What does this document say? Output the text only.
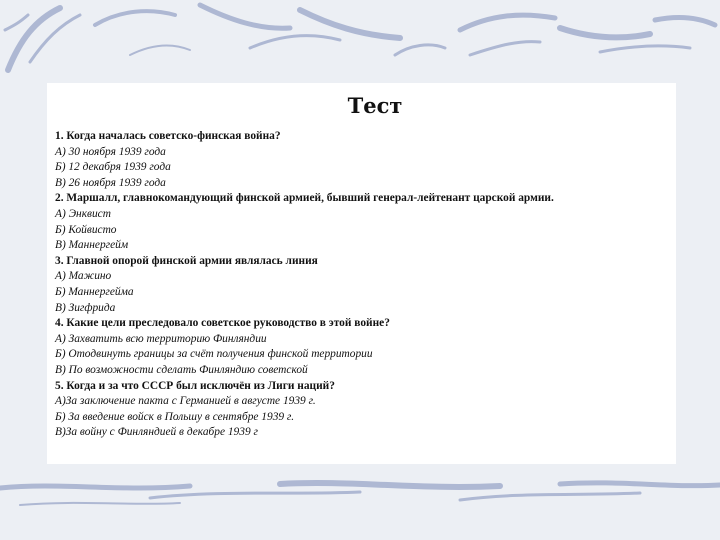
Тест
1. Когда началась советско-финская война?
А) 30 ноября 1939 года
Б) 12 декабря 1939 года
В) 26 ноября 1939 года
2. Маршалл, главнокомандующий финской армией, бывший генерал-лейтенант царской армии.
А) Энквист
Б) Койвисто
В) Маннергейм
3. Главной опорой финской армии являлась линия
А) Мажино
Б) Маннергейма
В) Зигфрида
4. Какие цели преследовало советское руководство в этой войне?
А) Захватить всю территорию Финляндии
Б) Отодвинуть границы за счёт получения финской территории
В) По возможности сделать Финляндию советской
5. Когда и за что СССР был исключён из Лиги наций?
А)За заключение пакта с Германией в августе 1939 г.
Б) За введение войск в Польшу в сентябре 1939 г.
В)За войну с Финляндией в декабре 1939 г
